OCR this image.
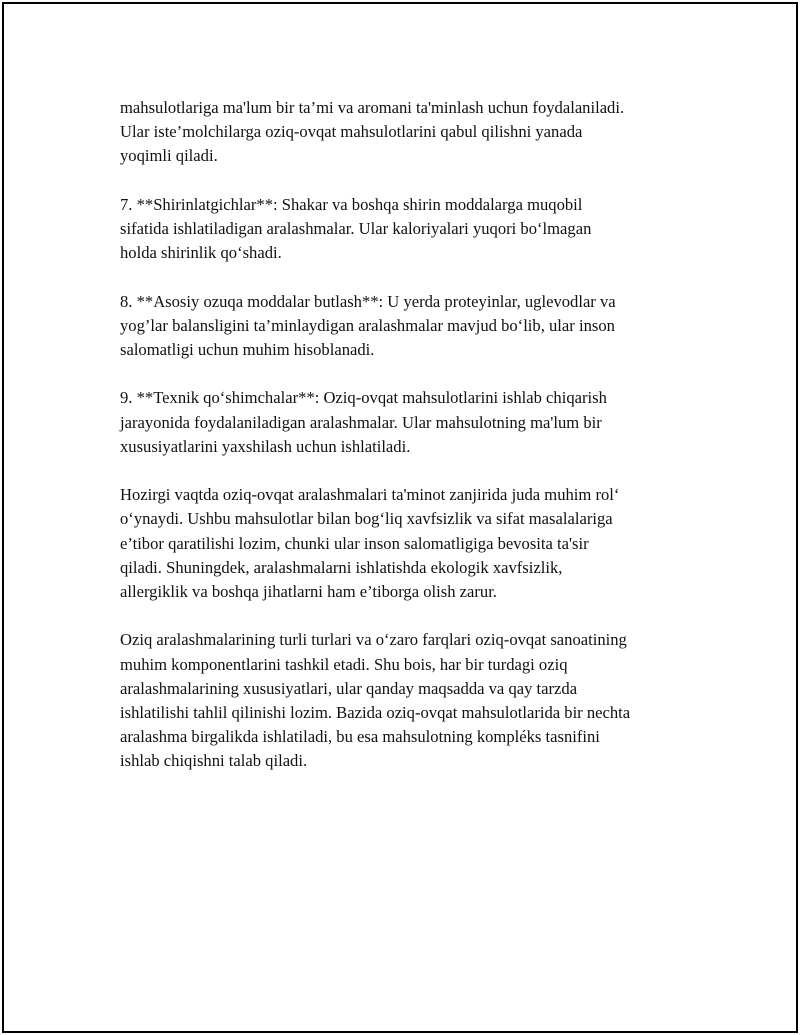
mahsulotlariga ma'lum bir ta’mi va aromani ta'minlash uchun foydalaniladi.
Ular iste’molchilarga oziq-ovqat mahsulotlarini qabul qilishni yanada
yoqimli qiladi.

7. **Shirinlatgichlar**: Shakar va boshqa shirin moddalarga muqobil
sifatida ishlatiladigan aralashmalar. Ular kaloriyalari yuqori bo‘lmagan
holda shirinlik qo‘shadi.

8. **Asosiy ozuqa moddalar butlash**: U yerda proteyinlar, uglevodlar va
yog’lar balansligini ta’minlaydigan aralashmalar mavjud bo‘lib, ular inson
salomatligi uchun muhim hisoblanadi.

9. **Texnik qo‘shimchalar**: Oziq-ovqat mahsulotlarini ishlab chiqarish
jarayonida foydalaniladigan aralashmalar. Ular mahsulotning ma'lum bir
xususiyatlarini yaxshilash uchun ishlatiladi.

Hozirgi vaqtda oziq-ovqat aralashmalari ta'minot zanjirida juda muhim rol‘
o‘ynaydi. Ushbu mahsulotlar bilan bog‘liq xavfsizlik va sifat masalalariga
e’tibor qaratilishi lozim, chunki ular inson salomatligiga bevosita ta'sir
qiladi. Shuningdek, aralashmalarni ishlatishda ekologik xavfsizlik,
allergiklik va boshqa jihatlarni ham e’tiborga olish zarur.

Oziq aralashmalarining turli turlari va o‘zaro farqlari oziq-ovqat sanoatining
muhim komponentlarini tashkil etadi. Shu bois, har bir turdagi oziq
aralashmalarining xususiyatlari, ular qanday maqsadda va qay tarzda
ishlatilishi tahlil qilinishi lozim. Bazida oziq-ovqat mahsulotlarida bir nechta
aralashma birgalikda ishlatiladi, bu esa mahsulotning kompléks tasnifini
ishlab chiqishni talab qiladi.
